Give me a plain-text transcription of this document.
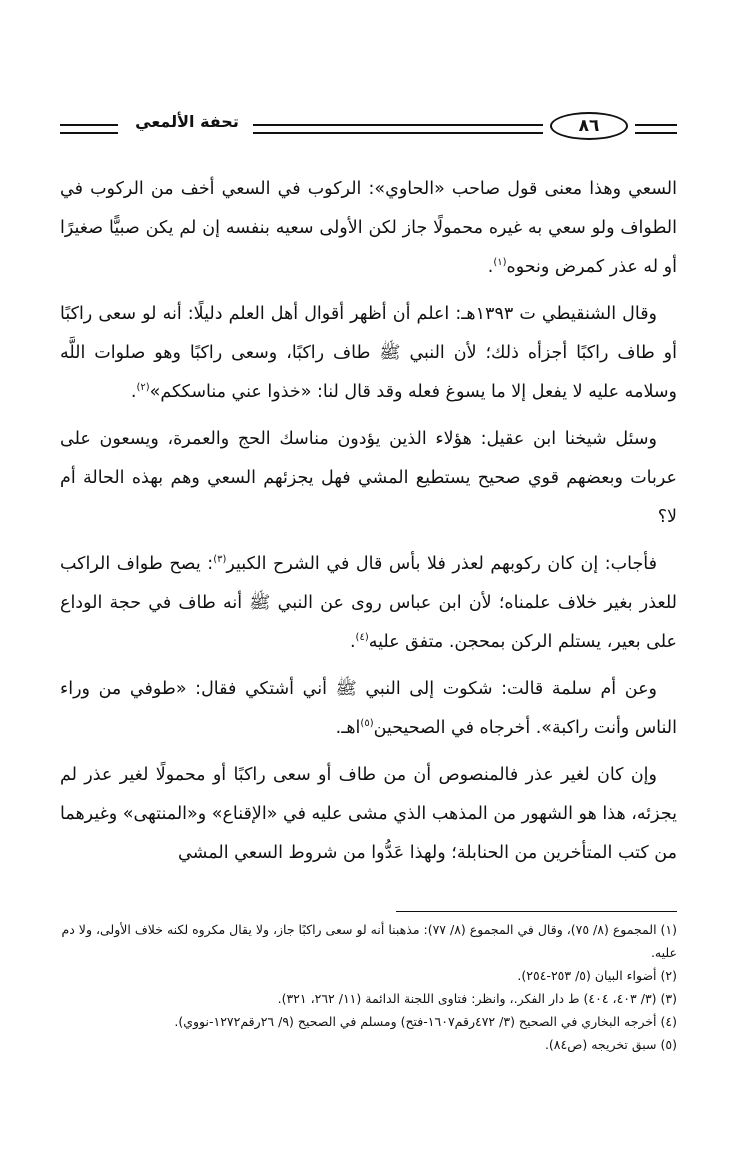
تحفة الألمعي	٨٦

السعي وهذا معنى قول صاحب «الحاوي»: الركوب في السعي أخف من الركوب في الطواف ولو سعي به غيره محمولًا جاز لكن الأولى سعيه بنفسه إن لم يكن صبيًّا صغيرًا أو له عذر كمرض ونحوه$^{(١)}$.

وقال الشنقيطي ت ١٣٩٣هـ: اعلم أن أظهر أقوال أهل العلم دليلًا: أنه لو سعى راكبًا أو طاف راكبًا أجزأه ذلك؛ لأن النبي ﷺ طاف راكبًا، وسعى راكبًا وهو صلوات اللَّه وسلامه عليه لا يفعل إلا ما يسوغ فعله وقد قال لنا: «خذوا عني مناسككم»$^{(٢)}$.

وسئل شيخنا ابن عقيل: هؤلاء الذين يؤدون مناسك الحج والعمرة، ويسعون على عربات وبعضهم قوي صحيح يستطيع المشي فهل يجزئهم السعي وهم بهذه الحالة أم لا؟

فأجاب: إن كان ركوبهم لعذر فلا بأس قال في الشرح الكبير$^{(٣)}$: يصح طواف الراكب للعذر بغير خلاف علمناه؛ لأن ابن عباس روى عن النبي ﷺ أنه طاف في حجة الوداع على بعير، يستلم الركن بمحجن. متفق عليه$^{(٤)}$.

وعن أم سلمة قالت: شكوت إلى النبي ﷺ أني أشتكي فقال: «طوفي من وراء الناس وأنت راكبة». أخرجاه في الصحيحين$^{(٥)}$اهـ.

وإن كان لغير عذر فالمنصوص أن من طاف أو سعى راكبًا أو محمولًا لغير عذر لم يجزئه، هذا هو الشهور من المذهب الذي مشى عليه في «الإقناع» و«المنتهى» وغيرهما من كتب المتأخرين من الحنابلة؛ ولهذا عَدُّوا من شروط السعي المشي

(١) المجموع (٨/ ٧٥)، وقال في المجموع (٨/ ٧٧): مذهبنا أنه لو سعى راكبًا جاز، ولا يقال مكروه لكنه خلاف الأولى، ولا دم عليه.
(٢) أضواء البيان (٥/ ٢٥٣-٢٥٤).
(٣) (٣/ ٤٠٣، ٤٠٤) ط دار الفكر.، وانظر: فتاوى اللجنة الدائمة (١١/ ٢٦٢، ٣٢١).
(٤) أخرجه البخاري في الصحيح (٣/ ٤٧٢رقم١٦٠٧-فتح) ومسلم في الصحيح (٩/ ٢٦رقم١٢٧٢-نووي).
(٥) سبق تخريجه (ص٨٤).
